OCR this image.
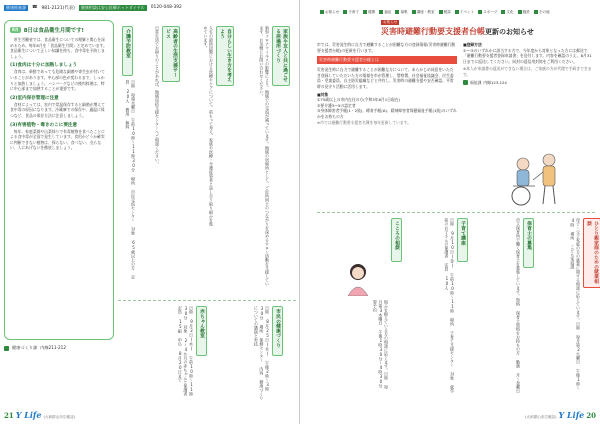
健康推進課	☎ 981-2121(代表)	健康相談は安心医療ホットダイヤル	0120-048-392
8月 8日は食品衛生月間です!

厚生労働省では、食品衛生についての理解と関心を深めるため、毎年8月を「食品衛生月間」と定めています。食品衛生について正しい知識を持ち、食中毒を予防しましょう。

(1)食肉は十分に加熱しましょう

食肉は、新鮮であっても危険な細菌や寄生虫が付いていることがあります。中心部の色が変わるまで、しっかりと加熱しましょう。ハンバーグなどの挽肉料理は、特に中心部まで加熱することが重要です。

(2)室内保存管理に注意

食材によっては、室内で常温保存すると細菌が増えて食中毒の原因になります。冷蔵庫での保存や、適温に保つなど、食品の保存方法に注意しましょう。

(3)有害植物・毒きのこに要注意

毎年、家庭菜園や山菜採りで有毒植物を食べたことによる食中毒が全国で発生しています。食用かどうか確実に判断できない植物は、採らない、食べない、売らない、人にあげないを徹底しましょう。

健康づくり課 内線211-212
家族や友人と共に過ごせる居場所づくり
新型コロナウイルスの影響により、地域での交流が減っています。地域の居場所として、ご近所同士のつながりを深めるサロン活動を支援しています。お気軽にお問い合わせください。
自分らしい生き方を考えよう
人生の最終段階における医療やケアについて、前もって考え、家族や医療・介護従事者と話し合う取り組みを進めています。
高齢者の生活支援サービス
日常生活でお困りのことがあれば、地域包括支援センターへご相談ください。
介護予防教室
日時 毎週水曜日 午前10時〜11時30分 場所 市民交流センター 対象 65歳以上の方 定員 20人 費用 無料
市民の健康づくり
日時 8月25日(水) 午後2時〜3時30分 場所 保健センター 内容 健康づくりについての講演と実技
赤ちゃん教室
日時 9月2日(木) 午前10時〜11時30分 対象 2〜4か月の赤ちゃんと保護者 定員 15組 申込 8月20日まで
21 Y Life (大和郡山市広報誌)
お知らせ	子育て	健康	福祉	募集	講座・教室	相談	イベント	スポーツ	文化	施設	その他
お知らせ
災害時避難行動要支援者台帳 更新のお知らせ

市では、災害発生時に自力で避難することが困難な方の登録情報(災害時避難行動要支援者台帳)の更新を行います。

災害時避難行動要支援者台帳とは

災害発生時に自力で避難することが困難な方について、あらかじめ同意をいただき登録していただいた方の情報を市が管理し、警察署、社会福祉協議会、民生委員・児童委員、自主防災組織などと共有し、災害時の避難支援や安否確認、平常時の見守り活動に活用します。

■対象
①75歳以上の市内在住の方(令和3年8月1日現在)
②要介護3〜5の認定者
③身体障害者手帳(1・2級)、療育手帳(A)、精神障害者保健福祉手帳(1級)のいずれかをお持ちの方
※市では避難行動要支援者名簿を毎年更新しています。
■登録方法

①〜③のいずれかに該当する方で、今年度から対象となった方には郵送で「避難行動要支援者登録申請書」を送付します。内容を確認のうえ、8月31日までに返送してください。同封の返信用封筒をご利用ください。

※本人が申請書の返送ができない場合は、ご家族の方が代理で手続きできます。

福祉課 内線123-124
ひとり親家庭のための就業相談
母子・父子家庭の方の就業に関する相談に応じています。日時 毎月第2火曜日 午後1時〜4時 場所 こども家庭課
保育士の募集
市立保育所で働く保育士を募集しています。資格 保育士資格をお持ちの方 勤務 月〜金曜日
子育て講座
日時 9月10日(金) 午前10時〜11時 場所 子育て支援センター 対象 就学前のお子さんの保護者 定員 10人
こころの相談
悩みを抱えている方の相談に応じます。日時 毎月第3木曜日 午後1時30分〜4時30分 要予約
(大和郡山市広報誌) Y Life 20
